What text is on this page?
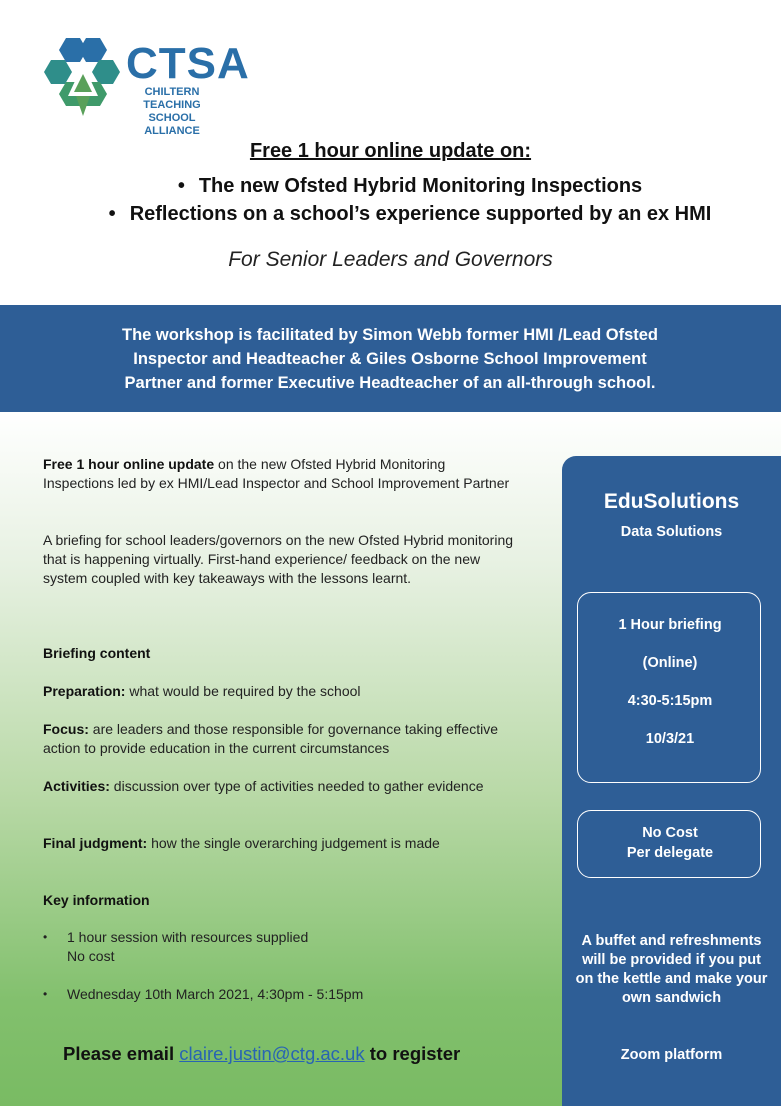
CTSA
CHILTERN TEACHING
SCHOOL ALLIANCE
Free 1 hour online update on:
• The new Ofsted Hybrid Monitoring Inspections
• Reflections on a school’s experience supported by an ex HMI
For Senior Leaders and Governors
The workshop is facilitated by Simon Webb former HMI /Lead Ofsted
Inspector and Headteacher & Giles Osborne School Improvement
Partner and former Executive Headteacher of an all-through school.
Free 1 hour online update on the new Ofsted Hybrid Monitoring Inspections led by ex HMI/Lead Inspector and School Improvement Partner
A briefing for school leaders/governors on the new Ofsted Hybrid monitoring that is happening virtually. First-hand experience/ feedback on the new system coupled with key takeaways with the lessons learnt.
Briefing content
Preparation: what would be required by the school
Focus: are leaders and those responsible for governance taking effective action to provide education in the current circumstances
Activities: discussion over type of activities needed to gather evidence
Final judgment: how the single overarching judgement is made
Key information
• 1 hour session with resources supplied
No cost
• Wednesday 10th March 2021, 4:30pm - 5:15pm
Please email claire.justin@ctg.ac.uk to register
EduSolutions
Data Solutions
1 Hour briefing
(Online)
4:30-5:15pm
10/3/21
No Cost
Per delegate
A buffet and refreshments will be provided if you put on the kettle and make your own sandwich
Zoom platform
